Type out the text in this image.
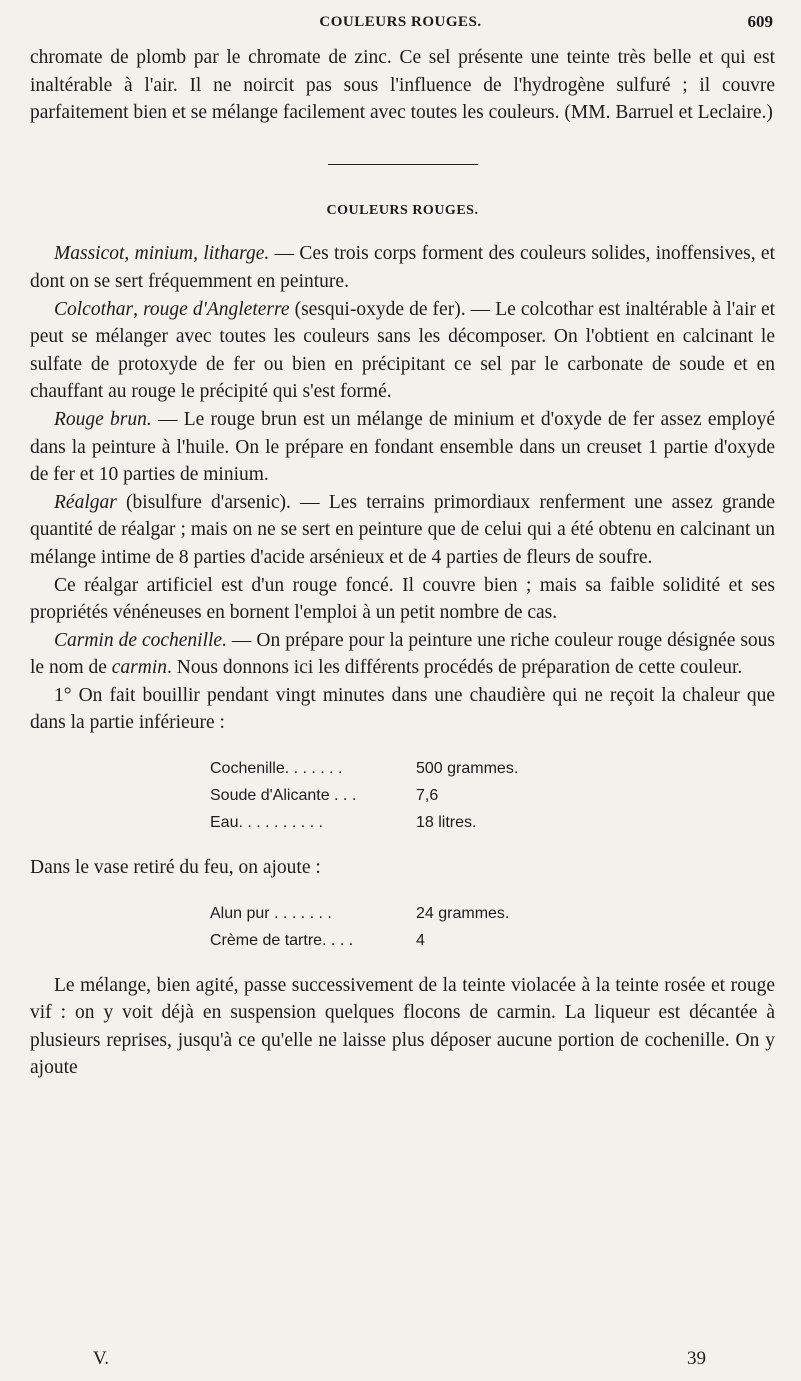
COULEURS ROUGES.	609

chromate de plomb par le chromate de zinc. Ce sel présente une teinte très belle et qui est inaltérable à l'air. Il ne noircit pas sous l'influence de l'hydrogène sulfuré ; il couvre parfaitement bien et se mélange facilement avec toutes les couleurs. (MM. Barruel et Leclaire.)

COULEURS ROUGES.

Massicot, minium, litharge. — Ces trois corps forment des couleurs solides, inoffensives, et dont on se sert fréquemment en peinture.

Colcothar, rouge d'Angleterre (sesqui-oxyde de fer). — Le colcothar est inaltérable à l'air et peut se mélanger avec toutes les couleurs sans les décomposer. On l'obtient en calcinant le sulfate de protoxyde de fer ou bien en précipitant ce sel par le carbonate de soude et en chauffant au rouge le précipité qui s'est formé.

Rouge brun. — Le rouge brun est un mélange de minium et d'oxyde de fer assez employé dans la peinture à l'huile. On le prépare en fondant ensemble dans un creuset 1 partie d'oxyde de fer et 10 parties de minium.

Réalgar (bisulfure d'arsenic). — Les terrains primordiaux renferment une assez grande quantité de réalgar ; mais on ne se sert en peinture que de celui qui a été obtenu en calcinant un mélange intime de 8 parties d'acide arsénieux et de 4 parties de fleurs de soufre.

Ce réalgar artificiel est d'un rouge foncé. Il couvre bien ; mais sa faible solidité et ses propriétés vénéneuses en bornent l'emploi à un petit nombre de cas.

Carmin de cochenille. — On prépare pour la peinture une riche couleur rouge désignée sous le nom de carmin. Nous donnons ici les différents procédés de préparation de cette couleur.

1° On fait bouillir pendant vingt minutes dans une chaudière qui ne reçoit la chaleur que dans la partie inférieure :

Cochenille. . . . . . .	500 grammes.
Soude d'Alicante . . .	7,6
Eau. . . . . . . . . .	18 litres.

Dans le vase retiré du feu, on ajoute :

Alun pur . . . . . . .	24 grammes.
Crème de tartre. . . .	4

Le mélange, bien agité, passe successivement de la teinte violacée à la teinte rosée et rouge vif : on y voit déjà en suspension quelques flocons de carmin. La liqueur est décantée à plusieurs reprises, jusqu'à ce qu'elle ne laisse plus déposer aucune portion de cochenille. On y ajoute

V.	39
